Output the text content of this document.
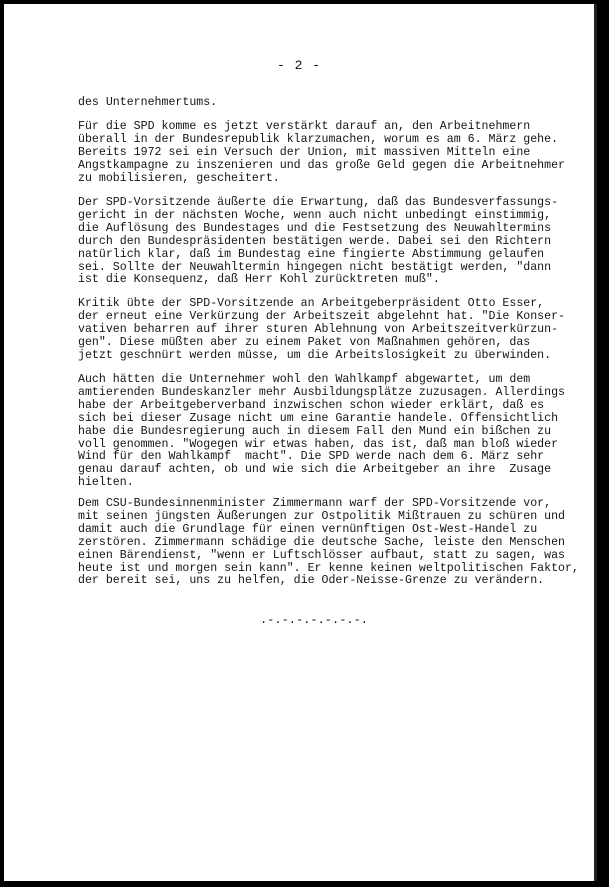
- 2 -

des Unternehmertums.

Für die SPD komme es jetzt verstärkt darauf an, den Arbeitnehmern
überall in der Bundesrepublik klarzumachen, worum es am 6. März gehe.
Bereits 1972 sei ein Versuch der Union, mit massiven Mitteln eine
Angstkampagne zu inszenieren und das große Geld gegen die Arbeitnehmer
zu mobilisieren, gescheitert.

Der SPD-Vorsitzende äußerte die Erwartung, daß das Bundesverfassungs-
gericht in der nächsten Woche, wenn auch nicht unbedingt einstimmig,
die Auflösung des Bundestages und die Festsetzung des Neuwahltermins
durch den Bundespräsidenten bestätigen werde. Dabei sei den Richtern
natürlich klar, daß im Bundestag eine fingierte Abstimmung gelaufen
sei. Sollte der Neuwahltermin hingegen nicht bestätigt werden, "dann
ist die Konsequenz, daß Herr Kohl zurücktreten muß".

Kritik übte der SPD-Vorsitzende an Arbeitgeberpräsident Otto Esser,
der erneut eine Verkürzung der Arbeitszeit abgelehnt hat. "Die Konser-
vativen beharren auf ihrer sturen Ablehnung von Arbeitszeitverkürzun-
gen". Diese müßten aber zu einem Paket von Maßnahmen gehören, das
jetzt geschnürt werden müsse, um die Arbeitslosigkeit zu überwinden.

Auch hätten die Unternehmer wohl den Wahlkampf abgewartet, um dem
amtierenden Bundeskanzler mehr Ausbildungsplätze zuzusagen. Allerdings
habe der Arbeitgeberverband inzwischen schon wieder erklärt, daß es
sich bei dieser Zusage nicht um eine Garantie handele. Offensichtlich
habe die Bundesregierung auch in diesem Fall den Mund ein bißchen zu
voll genommen. "Wogegen wir etwas haben, das ist, daß man bloß wieder
Wind für den Wahlkampf  macht". Die SPD werde nach dem 6. März sehr
genau darauf achten, ob und wie sich die Arbeitgeber an ihre  Zusage
hielten.

Dem CSU-Bundesinnenminister Zimmermann warf der SPD-Vorsitzende vor,
mit seinen jüngsten Äußerungen zur Ostpolitik Mißtrauen zu schüren und
damit auch die Grundlage für einen vernünftigen Ost-West-Handel zu
zerstören. Zimmermann schädige die deutsche Sache, leiste den Menschen
einen Bärendienst, "wenn er Luftschlösser aufbaut, statt zu sagen, was
heute ist und morgen sein kann". Er kenne keinen weltpolitischen Faktor,
der bereit sei, uns zu helfen, die Oder-Neisse-Grenze zu verändern.

.-.-.-.-.-.-.-.
